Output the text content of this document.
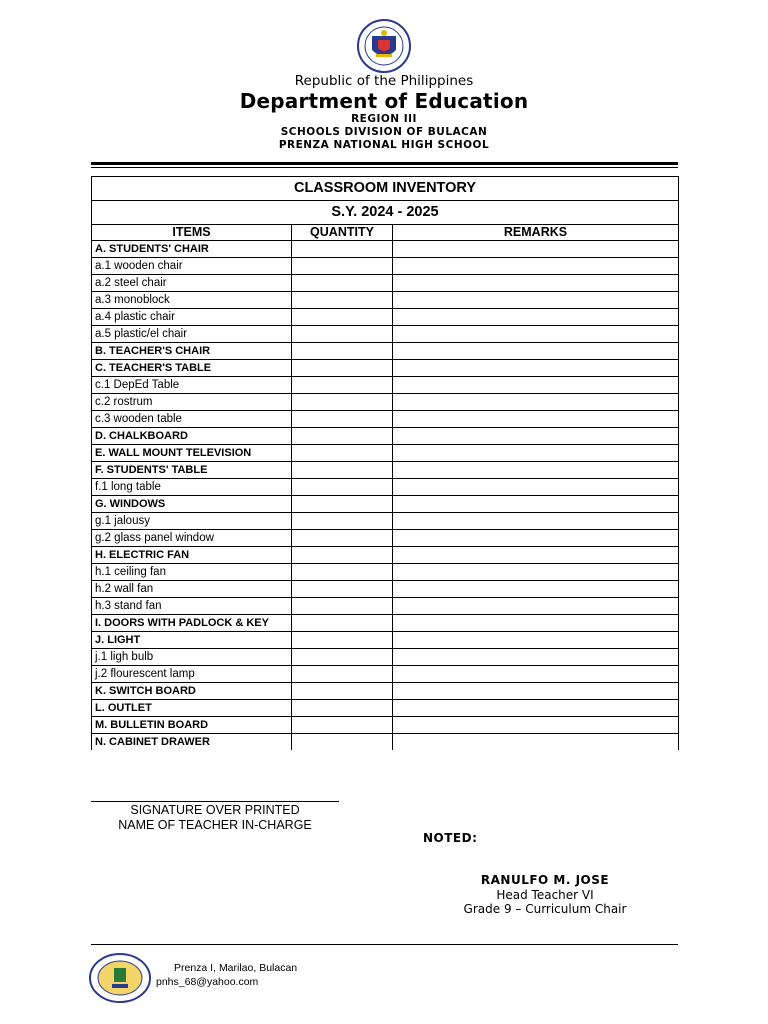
Republic of the Philippines
Department of Education
REGION III
SCHOOLS DIVISION OF BULACAN
PRENZA NATIONAL HIGH SCHOOL
CLASSROOM INVENTORY		
S.Y. 2024 - 2025		
ITEMS	QUANTITY	REMARKS
A. STUDENTS' CHAIR		
a.1 wooden chair		
a.2 steel chair		
a.3 monoblock		
a.4 plastic chair		
a.5 plastic/el chair		
B. TEACHER'S CHAIR		
C. TEACHER'S TABLE		
c.1 DepEd Table		
c.2 rostrum		
c.3 wooden table		
D. CHALKBOARD		
E. WALL MOUNT TELEVISION		
F. STUDENTS' TABLE		
f.1 long table		
G. WINDOWS		
g.1 jalousy		
g.2 glass panel window		
H. ELECTRIC FAN		
h.1 ceiling fan		
h.2 wall fan		
h.3 stand fan		
I. DOORS WITH PADLOCK & KEY		
J. LIGHT		
j.1 ligh bulb		
j.2 flourescent lamp		
K. SWITCH BOARD		
L. OUTLET		
M. BULLETIN BOARD		
N. CABINET DRAWER		
SIGNATURE OVER PRINTED
NAME OF TEACHER IN-CHARGE
NOTED:
RANULFO M. JOSE
Head Teacher VI
Grade 9 – Curriculum Chair
Prenza I, Marilao, Bulacan
pnhs_68@yahoo.com
